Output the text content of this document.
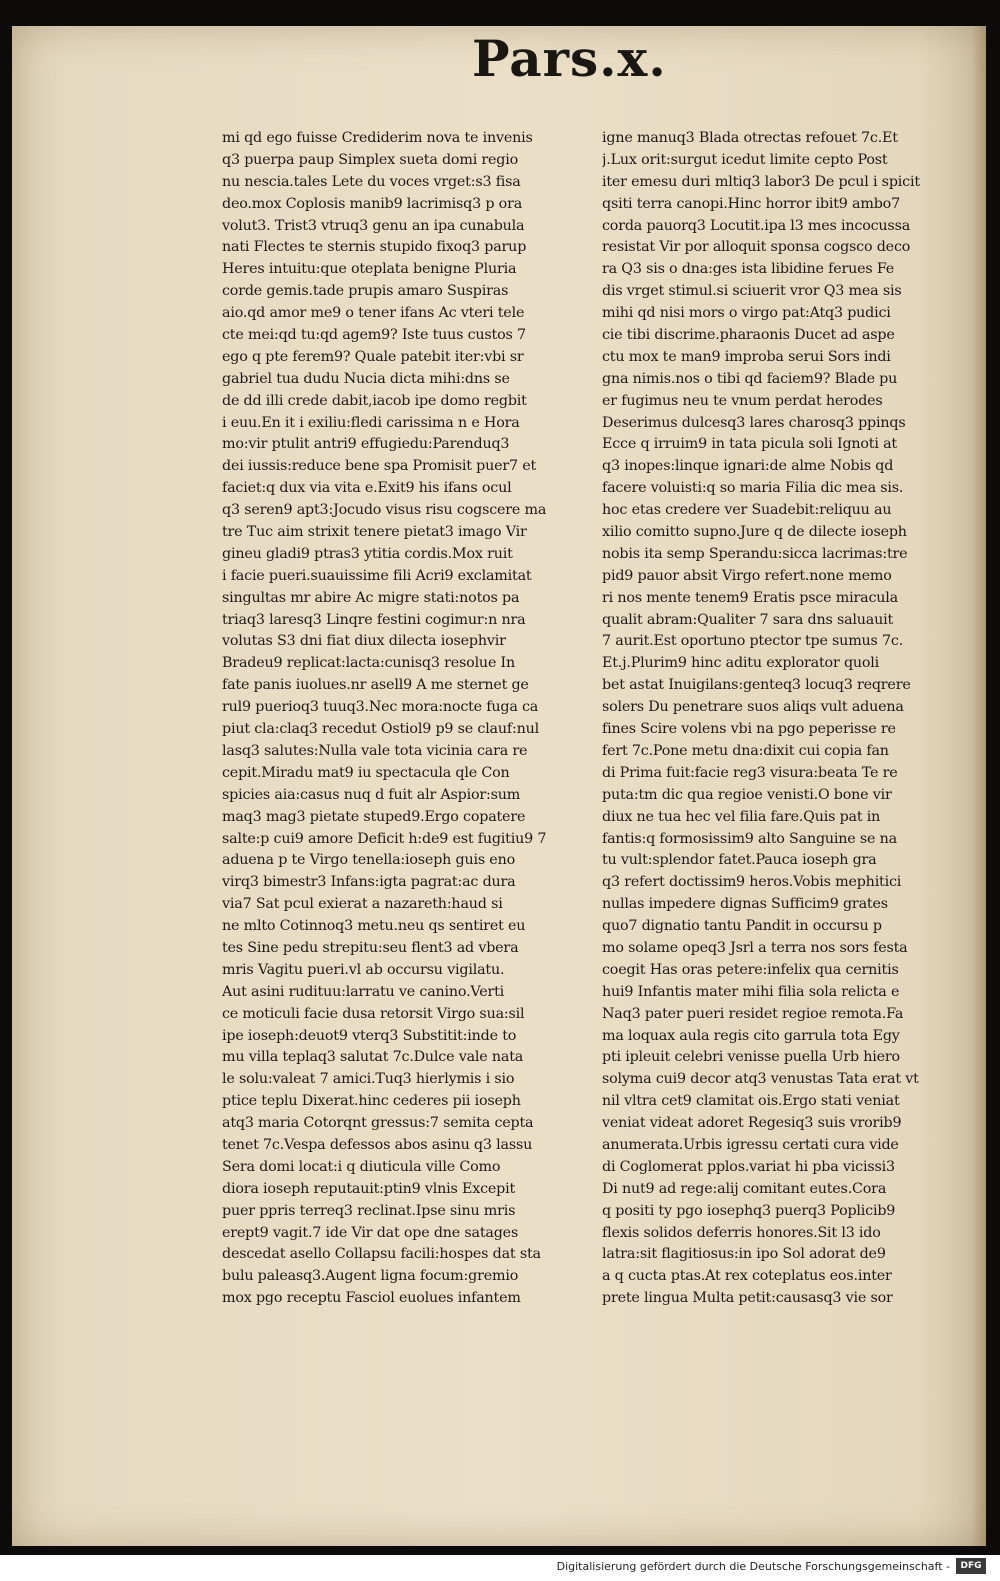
Pars.x.
mi qd ego fuisse Crediderim nova te invenis
q3 puerpa paup Simplex sueta domi regio
nu nescia.tales Lete du voces vrget:s3 fisa
deo.mox Coplosis manib9 lacrimisq3 p ora
volut3. Trist3 vtruq3 genu an ipa cunabula
nati Flectes te sternis stupido fixoq3 parup
Heres intuitu:que oteplata benigne Pluria
corde gemis.tade prupis amaro Suspiras
aio.qd amor me9 o tener ifans Ac vteri tele
cte mei:qd tu:qd agem9? Iste tuus custos 7
ego q pte ferem9? Quale patebit iter:vbi sr
gabriel tua dudu Nucia dicta mihi:dns se
de dd illi crede dabit,iacob ipe domo regbit
i euu.En it i exiliu:fledi carissima n e Hora
mo:vir ptulit antri9 effugiedu:Parenduq3
dei iussis:reduce bene spa Promisit puer7 et
faciet:q dux via vita e.Exit9 his ifans ocul
q3 seren9 apt3:Jocudo visus risu cogscere ma
tre Tuc aim strixit tenere pietat3 imago Vir
gineu gladi9 ptras3 ytitia cordis.Mox ruit
i facie pueri.suauissime fili Acri9 exclamitat
singultas mr abire Ac migre stati:notos pa
triaq3 laresq3 Linqre festini cogimur:n nra
volutas S3 dni fiat diux dilecta iosephvir
Bradeu9 replicat:lacta:cunisq3 resolue In
fate panis iuolues.nr asell9 A me sternet ge
rul9 puerioq3 tuuq3.Nec mora:nocte fuga ca
piut cla:claq3 recedut Ostiol9 p9 se clauf:nul
lasq3 salutes:Nulla vale tota vicinia cara re
cepit.Miradu mat9 iu spectacula qle Con
spicies aia:casus nuq d fuit alr Aspior:sum
maq3 mag3 pietate stuped9.Ergo copatere
salte:p cui9 amore Deficit h:de9 est fugitiu9 7
aduena p te Virgo tenella:ioseph guis eno
virq3 bimestr3 Infans:igta pagrat:ac dura
via7 Sat pcul exierat a nazareth:haud si
ne mlto Cotinnoq3 metu.neu qs sentiret eu
tes Sine pedu strepitu:seu flent3 ad vbera
mris Vagitu pueri.vl ab occursu vigilatu.
Aut asini rudituu:larratu ve canino.Verti
ce moticuli facie dusa retorsit Virgo sua:sil
ipe ioseph:deuot9 vterq3 Substitit:inde to
mu villa teplaq3 salutat 7c.Dulce vale nata
le solu:valeat 7 amici.Tuq3 hierlymis i sio
ptice teplu Dixerat.hinc cederes pii ioseph
atq3 maria Cotorqnt gressus:7 semita cepta
tenet 7c.Vespa defessos abos asinu q3 lassu
Sera domi locat:i q diuticula ville Como
diora ioseph reputauit:ptin9 vlnis Excepit
puer ppris terreq3 reclinat.Ipse sinu mris
erept9 vagit.7 ide Vir dat ope dne satages
descedat asello Collapsu facili:hospes dat sta
bulu paleasq3.Augent ligna focum:gremio
mox pgo receptu Fasciol euolues infantem
igne manuq3 Blada otrectas refouet 7c.Et
j.Lux orit:surgut icedut limite cepto Post
iter emesu duri mltiq3 labor3 De pcul i spicit
qsiti terra canopi.Hinc horror ibit9 ambo7
corda pauorq3 Locutit.ipa l3 mes incocussa
resistat Vir por alloquit sponsa cogsco deco
ra Q3 sis o dna:ges ista libidine ferues Fe
dis vrget stimul.si sciuerit vror Q3 mea sis
mihi qd nisi mors o virgo pat:Atq3 pudici
cie tibi discrime.pharaonis Ducet ad aspe
ctu mox te man9 improba serui Sors indi
gna nimis.nos o tibi qd faciem9? Blade pu
er fugimus neu te vnum perdat herodes
Deserimus dulcesq3 lares charosq3 ppinqs
Ecce q irruim9 in tata picula soli Ignoti at
q3 inopes:linque ignari:de alme Nobis qd
facere voluisti:q so maria Filia dic mea sis.
hoc etas credere ver Suadebit:reliquu au
xilio comitto supno.Jure q de dilecte ioseph
nobis ita semp Sperandu:sicca lacrimas:tre
pid9 pauor absit Virgo refert.none memo
ri nos mente tenem9 Eratis psce miracula
qualit abram:Qualiter 7 sara dns saluauit
7 aurit.Est oportuno ptector tpe sumus 7c.
Et.j.Plurim9 hinc aditu explorator quoli
bet astat Inuigilans:genteq3 locuq3 reqrere
solers Du penetrare suos aliqs vult aduena
fines Scire volens vbi na pgo peperisse re
fert 7c.Pone metu dna:dixit cui copia fan
di Prima fuit:facie reg3 visura:beata Te re
puta:tm dic qua regioe venisti.O bone vir
diux ne tua hec vel filia fare.Quis pat in
fantis:q formosissim9 alto Sanguine se na
tu vult:splendor fatet.Pauca ioseph gra
q3 refert doctissim9 heros.Vobis mephitici
nullas impedere dignas Sufficim9 grates
quo7 dignatio tantu Pandit in occursu p
mo solame opeq3 Jsrl a terra nos sors festa
coegit Has oras petere:infelix qua cernitis
hui9 Infantis mater mihi filia sola relicta e
Naq3 pater pueri residet regioe remota.Fa
ma loquax aula regis cito garrula tota Egy
pti ipleuit celebri venisse puella Urb hiero
solyma cui9 decor atq3 venustas Tata erat vt
nil vltra cet9 clamitat ois.Ergo stati veniat
veniat videat adoret Regesiq3 suis vrorib9
anumerata.Urbis igressu certati cura vide
di Coglomerat pplos.variat hi pba vicissi3
Di nut9 ad rege:alij comitant eutes.Cora
q positi ty pgo iosephq3 puerq3 Poplicib9
flexis solidos deferris honores.Sit l3 ido
latra:sit flagitiosus:in ipo Sol adorat de9
a q cucta ptas.At rex coteplatus eos.inter
prete lingua Multa petit:causasq3 vie sor
Digitalisierung gefördert durch die Deutsche Forschungsgemeinschaft -	DFG
